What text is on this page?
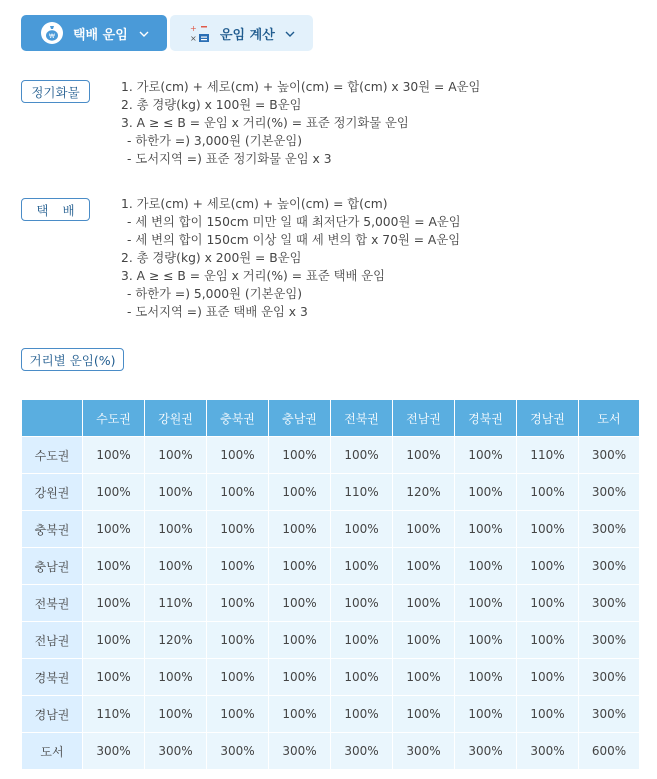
₩ 택배 운임	+
× 운임 계산
정기화물	1. 가로(cm) + 세로(cm) + 높이(cm) = 합(cm) x 30원 = A운임
2. 총 경량(kg) x 100원 = B운임
3. A ≥ ≤ B = 운임 x 거리(%) = 표준 정기화물 운임
- 하한가 =) 3,000원 (기본운임)
- 도서지역 =) 표준 정기화물 운임 x 3
택배	1. 가로(cm) + 세로(cm) + 높이(cm) = 합(cm)
- 세 변의 합이 150cm 미만 일 때 최저단가 5,000원 = A운임
- 세 변의 합이 150cm 이상 일 때 세 변의 합 x 70원 = A운임
2. 총 경량(kg) x 200원 = B운임
3. A ≥ ≤ B = 운임 x 거리(%) = 표준 택배 운임
- 하한가 =) 5,000원 (기본운임)
- 도서지역 =) 표준 택배 운임 x 3
거리별 운임(%)
	수도권	강원권	충북권	충남권	전북권	전남권	경북권	경남권	도서
수도권	100%	100%	100%	100%	100%	100%	100%	110%	300%
강원권	100%	100%	100%	100%	110%	120%	100%	100%	300%
충북권	100%	100%	100%	100%	100%	100%	100%	100%	300%
충남권	100%	100%	100%	100%	100%	100%	100%	100%	300%
전북권	100%	110%	100%	100%	100%	100%	100%	100%	300%
전남권	100%	120%	100%	100%	100%	100%	100%	100%	300%
경북권	100%	100%	100%	100%	100%	100%	100%	100%	300%
경남권	110%	100%	100%	100%	100%	100%	100%	100%	300%
도서	300%	300%	300%	300%	300%	300%	300%	300%	600%
